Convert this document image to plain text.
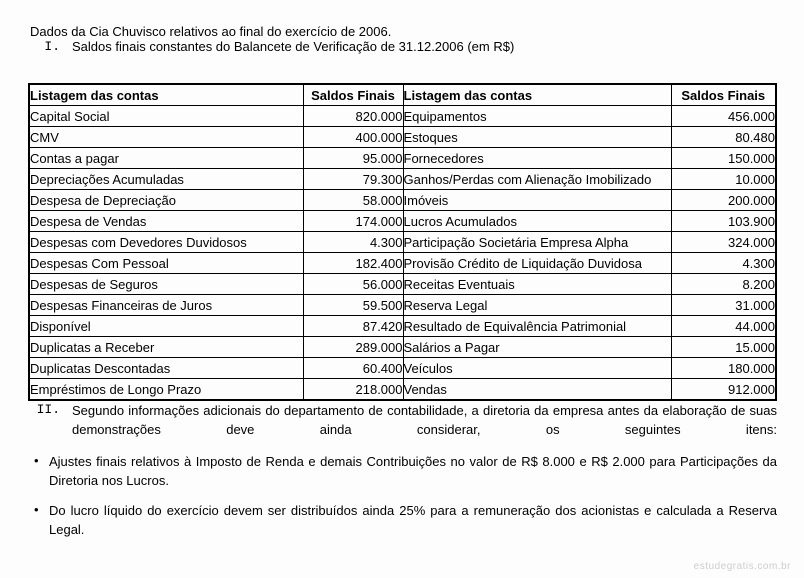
Dados da Cia Chuvisco relativos ao final do exercício de 2006.

I. Saldos finais constantes do Balancete de Verificação de 31.12.2006 (em R$)
Listagem das contas	Saldos Finais	Listagem das contas	Saldos Finais
Capital Social	820.000	Equipamentos	456.000
CMV	400.000	Estoques	80.480
Contas a pagar	95.000	Fornecedores	150.000
Depreciações Acumuladas	79.300	Ganhos/Perdas com Alienação Imobilizado	10.000
Despesa de Depreciação	58.000	Imóveis	200.000
Despesa de Vendas	174.000	Lucros Acumulados	103.900
Despesas com Devedores Duvidosos	4.300	Participação Societária Empresa Alpha	324.000
Despesas Com Pessoal	182.400	Provisão Crédito de Liquidação Duvidosa	4.300
Despesas de Seguros	56.000	Receitas Eventuais	8.200
Despesas Financeiras de Juros	59.500	Reserva Legal	31.000
Disponível	87.420	Resultado de Equivalência Patrimonial	44.000
Duplicatas a Receber	289.000	Salários a Pagar	15.000
Duplicatas Descontadas	60.400	Veículos	180.000
Empréstimos de Longo Prazo	218.000	Vendas	912.000
II. Segundo informações adicionais do departamento de contabilidade, a diretoria da empresa antes da elaboração de suas demonstrações deve ainda considerar, os seguintes itens:
• Ajustes finais relativos à Imposto de Renda e demais Contribuições no valor de R$ 8.000 e R$ 2.000 para Participações da Diretoria nos Lucros.
• Do lucro líquido do exercício devem ser distribuídos ainda 25% para a remuneração dos acionistas e calculada a Reserva Legal.
estudegratis.com.br
